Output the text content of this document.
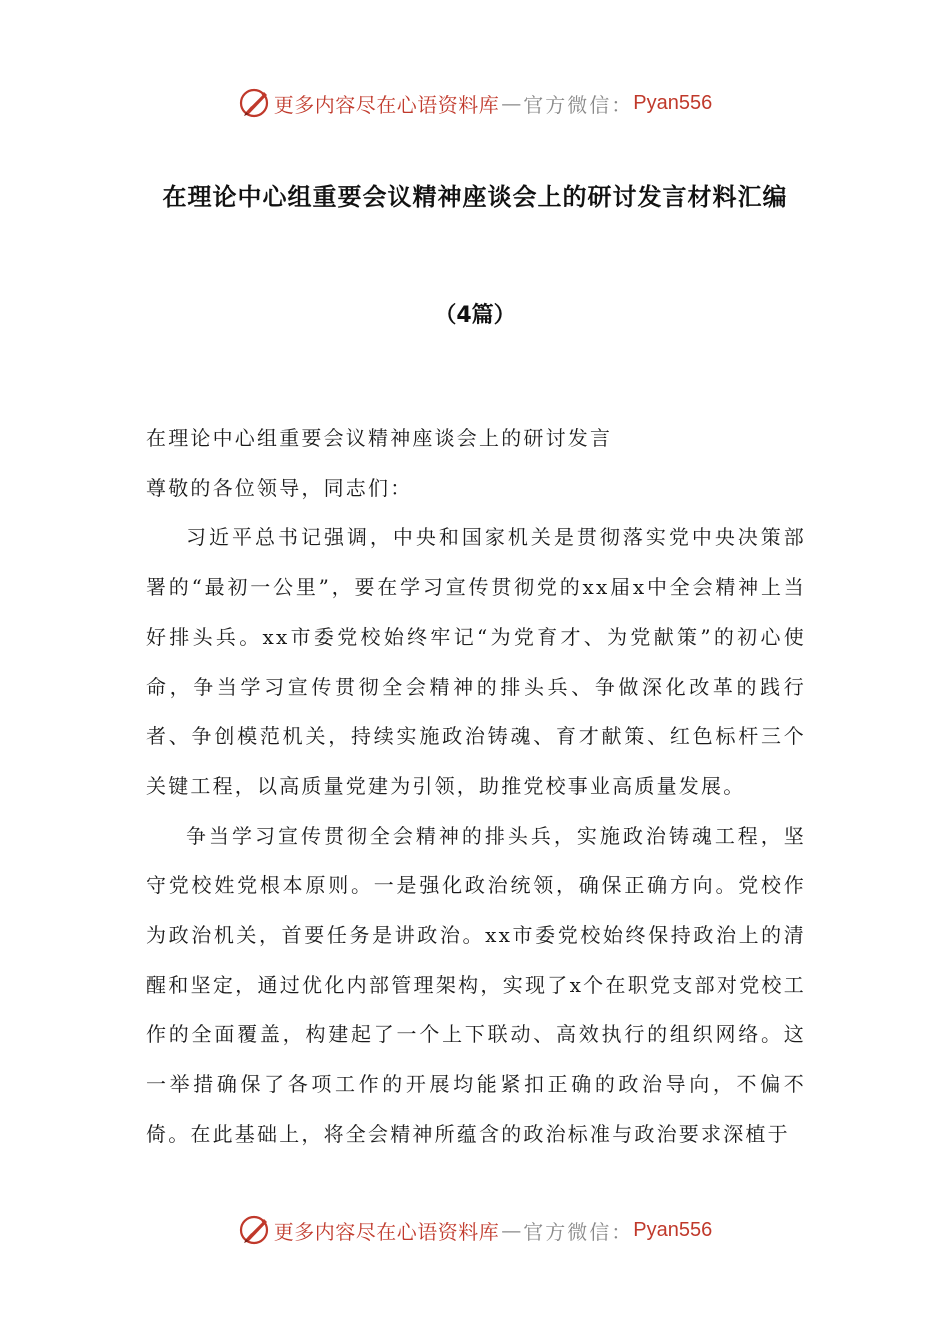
更多内容尽在心语资料库 — 官方微信： Pyan556
在理论中心组重要会议精神座谈会上的研讨发言材料汇编
（4篇）

在理论中心组重要会议精神座谈会上的研讨发言

尊敬的各位领导，同志们：

习近平总书记强调，中央和国家机关是贯彻落实党中央决策部署的“最初一公里”，要在学习宣传贯彻党的xx届x中全会精神上当好排头兵。xx市委党校始终牢记“为党育才、为党献策”的初心使命，争当学习宣传贯彻全会精神的排头兵、争做深化改革的践行者、争创模范机关，持续实施政治铸魂、育才献策、红色标杆三个关键工程，以高质量党建为引领，助推党校事业高质量发展。

争当学习宣传贯彻全会精神的排头兵，实施政治铸魂工程，坚守党校姓党根本原则。一是强化政治统领，确保正确方向。党校作为政治机关，首要任务是讲政治。xx市委党校始终保持政治上的清醒和坚定，通过优化内部管理架构，实现了x个在职党支部对党校工作的全面覆盖，构建起了一个上下联动、高效执行的组织网络。这一举措确保了各项工作的开展均能紧扣正确的政治导向，不偏不倚。在此基础上，将全会精神所蕴含的政治标准与政治要求深植于

更多内容尽在心语资料库 — 官方微信： Pyan556
